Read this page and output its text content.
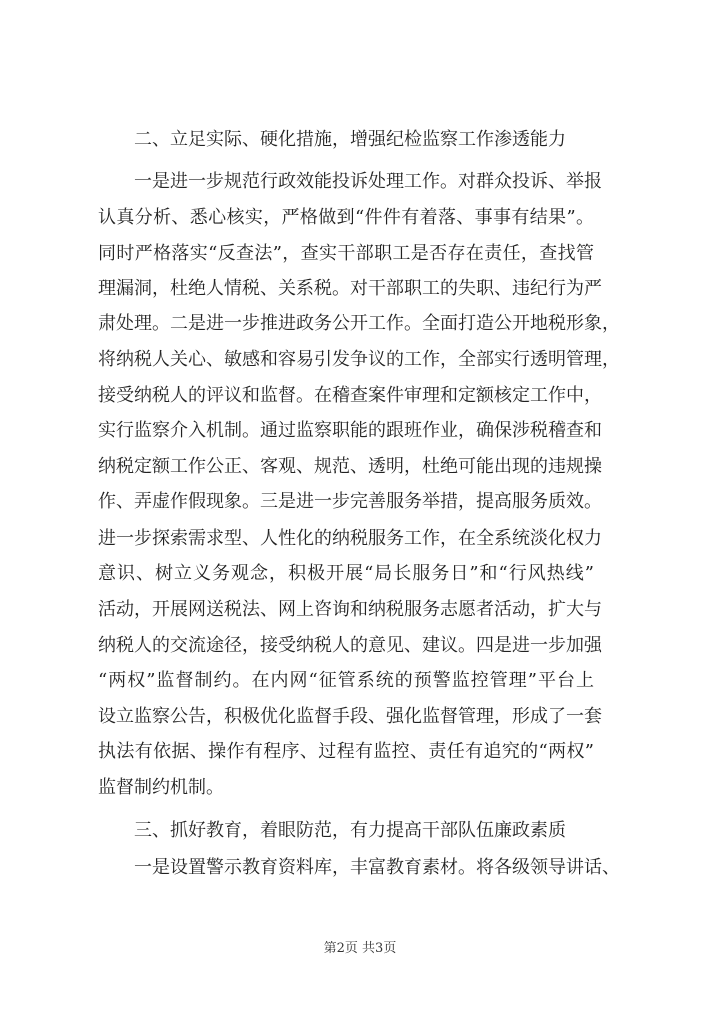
第2页 共3页
二、立足实际、硬化措施，增强纪检监察工作渗透能力
一是进一步规范行政效能投诉处理工作。对群众投诉、举报
认真分析、悉心核实，严格做到“件件有着落、事事有结果”。
同时严格落实“反查法”，查实干部职工是否存在责任，查找管
理漏洞，杜绝人情税、关系税。对干部职工的失职、违纪行为严
肃处理。二是进一步推进政务公开工作。全面打造公开地税形象，
将纳税人关心、敏感和容易引发争议的工作，全部实行透明管理，
接受纳税人的评议和监督。在稽查案件审理和定额核定工作中，
实行监察介入机制。通过监察职能的跟班作业，确保涉税稽查和
纳税定额工作公正、客观、规范、透明，杜绝可能出现的违规操
作、弄虚作假现象。三是进一步完善服务举措，提高服务质效。
进一步探索需求型、人性化的纳税服务工作，在全系统淡化权力
意识、树立义务观念，积极开展“局长服务日”和“行风热线”
活动，开展网送税法、网上咨询和纳税服务志愿者活动，扩大与
纳税人的交流途径，接受纳税人的意见、建议。四是进一步加强
“两权”监督制约。在内网“征管系统的预警监控管理”平台上
设立监察公告，积极优化监督手段、强化监督管理，形成了一套
执法有依据、操作有程序、过程有监控、责任有追究的“两权”
监督制约机制。
三、抓好教育，着眼防范，有力提高干部队伍廉政素质
一是设置警示教育资料库，丰富教育素材。将各级领导讲话、
